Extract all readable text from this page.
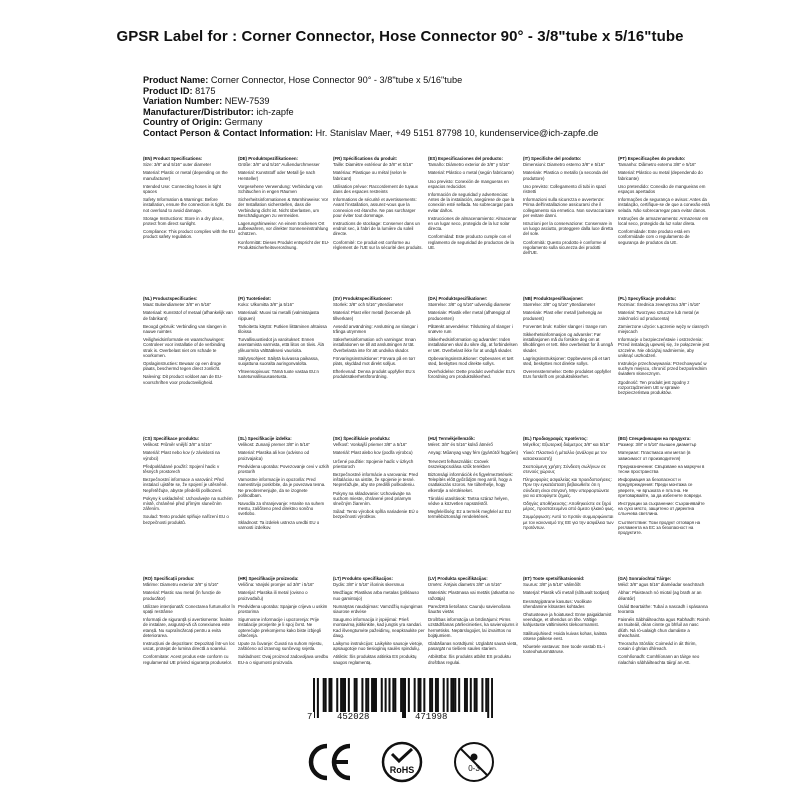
GPSR Label for : Corner Connector, Hose Connector 90° - 3/8"tube x 5/16"tube
Product Name: Corner Connector, Hose Connector 90° - 3/8"tube x 5/16"tube
Product ID: 8175
Variation Number: NEW-7539
Manufacturer/Distributor: ich-zapfe
Country of Origin: Germany
Contact Person & Contact Information: Hr. Stanislav Maer, +49 5151 87798 10, kundenservice@ich-zapfe.de
(EN) Product Specifications:

Size: 3/8" and 5/16" outer diameter

Material: Plastic or metal (depending on the manufacturer)

Intended Use: Connecting hoses in tight spaces

Safety Information & Warnings: Before installation, ensure the connection is tight. Do not overload to avoid damage.

Storage Instructions: Store in a dry place, protect from direct sunlight.

Compliance: This product complies with the EU product safety regulation.

(DE) Produktspezifikationen:

Größe: 3/8" und 5/16" Außendurchmesser

Material: Kunststoff oder Metall (je nach Hersteller)

Vorgesehene Verwendung: Verbindung von Schläuchen in engen Räumen

Sicherheitsinformationen & Warnhinweise: Vor der Installation sicherstellen, dass die Verbindung dicht ist. Nicht überlasten, um Beschädigungen zu vermeiden.

Lagerungshinweise: An einem trockenen Ort aufbewahren, vor direkter Sonneneinstrahlung schützen.

Konformität: Dieses Produkt entspricht der EU-Produktsicherheitsverordnung.

(FR) Spécifications du produit:

Taille: Diamètre extérieur de 3/8" et 5/16"

Matériau: Plastique ou métal (selon le fabricant)

Utilisation prévue: Raccordement de tuyaux dans des espaces restreints

Informations de sécurité et avertissements: Avant l'installation, assurez-vous que la connexion est étanche. Ne pas surcharger pour éviter tout dommage.

Instructions de stockage: Conserver dans un endroit sec, à l'abri de la lumière du soleil directe.

Conformité: Ce produit est conforme au règlement de l'UE sur la sécurité des produits.

(ES) Especificaciones del producto:

Tamaño: Diámetro exterior de 3/8" y 5/16"

Material: Plástico o metal (según fabricante)

Uso previsto: Conexión de mangueras en espacios reducidos

Información de seguridad y advertencias: Antes de la instalación, asegúrese de que la conexión esté sellada. No sobrecargar para evitar daños.

Instrucciones de almacenamiento: Almacenar en un lugar seco, protegido de la luz solar directa.

Conformidad: Este producto cumple con el reglamento de seguridad de productos de la UE.

(IT) Specifiche del prodotto:

Dimensioni: Diametro esterno 3/8" e 5/16"

Materiale: Plastica o metallo (a seconda del produttore)

Uso previsto: Collegamento di tubi in spazi ristretti

Informazioni sulla sicurezza e avvertenze: Prima dell'installazione assicurarsi che il collegamento sia ermetico. Non sovraccaricare per evitare danni.

Istruzioni per la conservazione: Conservare in un luogo asciutto, proteggere dalla luce diretta del sole.

Conformità: Questo prodotto è conforme al regolamento sulla sicurezza dei prodotti dell'UE.

(PT) Especificações do produto:

Tamanho: Diâmetro externo 3/8" e 5/16"

Material: Plástico ou metal (dependendo do fabricante)

Uso pretendido: Conexão de mangueiras em espaços apertados

Informações de segurança e avisos: Antes da instalação, certifique-se de que a conexão está selada. Não sobrecarregar para evitar danos.

Instruções de armazenamento: Armazenar em local seco, protegido da luz solar direta.

Conformidade: Este produto está em conformidade com o regulamento de segurança de produtos da UE.

(NL) Productspecificaties:

Maat: Buitendiameter 3/8" en 5/16"

Materiaal: Kunststof of metaal (afhankelijk van de fabrikant)

Beoogd gebruik: Verbinding van slangen in nauwe ruimtes

Veiligheidsinformatie en waarschuwingen: Controleer voor installatie of de verbinding strak is. Overbelast niet om schade te voorkomen.

Opslaginstructies: Bewaar op een droge plaats, beschermd tegen direct zonlicht.

Naleving: Dit product voldoet aan de EU-voorschriften voor productveiligheid.

(FI) Tuotetiedot:

Koko: Ulkomitta 3/8" ja 5/16"

Materiaali: Muovi tai metalli (valmistajasta riippuen)

Tarkoitettu käyttö: Putkien liittäminen ahtaissa tiloissa

Turvallisuustiedot ja varoitukset: Ennen asentamista varmista, että liitos on tiivis. Älä ylikuormita välttääksesi vaurioita.

Säilytysohjeet: Säilytä kuivassa paikassa, suojattuna suoralta auringonvalolta.

Yhteensopivuus: Tämä tuote vastaa EU:n tuoteturvallisuusasetusta.

(SV) Produktspecifikationer:

Storlek: 3/8" och 5/16" ytterdiameter

Material: Plast eller metall (beroende på tillverkare)

Avsedd användning: Anslutning av slangar i trånga utrymmen

Säkerhetsinformation och varningar: Innan installationen se till att anslutningen är tät. Överbelasta inte för att undvika skador.

Förvaringsinstruktioner: Förvara på en torr plats, skyddad mot direkt solljus.

Efterlevnad: Denna produkt uppfyller EU:s produktsäkerhetsförordning.

(DA) Produktspecifikationer:

Størrelse: 3/8" og 5/16" udvendig diameter

Materiale: Plastik eller metal (afhængigt af producenten)

Påtænkt anvendelse: Tilslutning af slanger i snævre rum

Sikkerhedsinformation og advarsler: Inden installationen skal du sikre dig, at forbindelsen er tæt. Overbelast ikke for at undgå skader.

Opbevaringsinstruktioner: Opbevares et tørt sted, beskyttes mod direkte sollys.

Overholdelse: Dette produkt overholder EU's forordning om produktsikkerhed.

(NB) Produktspesifikasjoner:

Størrelse: 3/8" og 5/16" ytterdiameter

Materiale: Plast eller metall (avhengig av produsent)

Forventet bruk: Kobler slanger i trange rom

Sikkerhetsinformasjon og advarsler: Før installasjonen må du forsikre deg om at tilkoblingen er tett. Ikke overbelast for å unngå skader.

Lagringsinstruksjoner: Oppbevares på et tørt sted, beskyttes mot direkte sollys.

Overensstemmelse: Dette produktet oppfyller EUs forskrift om produktsikkerhet.

(PL) Specyfikacje produktu:

Rozmiar: Średnica zewnętrzna 3/8" i 5/16"

Materiał: Tworzywo sztuczne lub metal (w zależności od producenta)

Zamierzone użycie: Łączenie węży w ciasnych miejscach

Informacje o bezpieczeństwie i ostrzeżenia: Przed instalacją upewnij się, że połączenie jest szczelne. Nie obciążaj nadmiernie, aby uniknąć uszkodzeń.

Instrukcje przechowywania: Przechowywać w suchym miejscu, chronić przed bezpośrednim światłem słonecznym.

Zgodność: Ten produkt jest zgodny z rozporządzeniem UE w sprawie bezpieczeństwa produktów.

(CS) Specifikace produktu:

Velikost: Průměr vnější 3/8" a 5/16"

Materiál: Plast nebo kov (v závislosti na výrobci)

Předpokládané použití: Spojení hadic v těsných prostorech

Bezpečnostní informace a varování: Před instalací ujistěte se, že spojení je utěsněné. Nepřetěžujte, abyste předešli poškození.

Pokyny k uskladnění: Uchovávejte na suchém místě, chráněné před přímým slunečním zářením.

Soulad: Tento produkt splňuje nařízení EU o bezpečnosti produktů.

(SL) Specifikacije izdelka:

Velikost: Zunanji premer 3/8" in 5/16"

Material: Plastika ali kov (odvisno od proizvajalca)

Predvidena uporaba: Povezovanje cevi v ozkih prostorih

Varnostne informacije in opozorila: Pred namestitvijo poskrbite, da je povezava tesna. Ne preobremenjujte, da se izognete poškodbam.

Navodila za shranjevanje: Hranite na suhem mestu, zaščiteno pred direktno sončno svetlobo.

Skladnost: Ta izdelek ustreza uredbi EU o varnosti izdelkov.

(SK) Špecifikácie produktu:

Veľkosť: Vonkajší priemer 3/8" a 5/16"

Materiál: Plast alebo kov (podľa výrobcu)

Určené použitie: Spojenie hadíc v úzkych priestoroch

Bezpečnostné informácie a varovania: Pred inštaláciou sa uistite, že spojenie je tesné. Nepreťažujte, aby ste predišli poškodeniu.

Pokyny na skladovanie: Uchovávajte na suchom mieste, chránené pred priamym slnečným žiarením.

Súlad: Tento výrobok spĺňa nariadenie EÚ o bezpečnosti výrobkov.

(HU) Termékjellemzők:

Méret: 3/8" és 5/16" külső átmérő

Anyag: Műanyag vagy fém (gyártótól függően)

Tervezett felhasználás: Csövek összekapcsolása szűk terekben

Biztonsági információk és figyelmeztetések: Telepítés előtt győződjön meg arról, hogy a csatlakozás szoros. Ne túlterhelje, hogy elkerülje a sérüléseket.

Tárolási utasítások: Tartsa száraz helyen, védve a közvetlen napsütéstől.

Megfelelőség: Ez a termék megfelel az EU termékbiztonsági rendeletének.

(EL) Προδιαγραφές προϊόντος:

Μέγεθος: Εξωτερική διάμετρος 3/8" και 5/16"

Υλικό: Πλαστικό ή μέταλλο (ανάλογα με τον κατασκευαστή)

Σκοπούμενη χρήση: Σύνδεση σωλήνων σε στενούς χώρους

Πληροφορίες ασφαλείας και προειδοποιήσεις: Πριν την εγκατάσταση βεβαιωθείτε ότι η σύνδεση είναι στεγανή. Μην υπερφορτώνετε για να αποφύγετε ζημιές.

Οδηγίες αποθήκευσης: Αποθηκεύστε σε ξηρό μέρος, προστατευμένο από άμεσο ηλιακό φως.

Συμμόρφωση: Αυτό το προϊόν συμμορφώνεται με τον κανονισμό της ΕΕ για την ασφάλεια των προϊόντων.

(BG) Спецификации на продукта:

Размер: 3/8" и 5/16" външен диаметър

Материал: Пластмаса или метал (в зависимост от производителя)

Предназначение: Свързване на маркучи в тесни пространства

Информация за безопасност и предупреждения: Преди монтажа се уверете, че връзката е плътна. Не претоварвайте, за да избегнете повреди.

Инструкции за съхранение: Съхранявайте на сухо място, защитено от директна слънчева светлина.

Съответствие: Този продукт отговаря на регламента на ЕС за безопасност на продуктите.

(RO) Specificații produs:

Mărime: Diametru exterior 3/8" și 5/16"

Material: Plastic sau metal (în funcție de producător)

Utilizare intenționată: Conectarea furtunurilor în spații restrânse

Informații de siguranță și avertismente: Înainte de instalare, asigurați-vă că conexiunea este etanșă. Nu supraîncărcați pentru a evita deteriorarea.

Instrucțiuni de depozitare: Depozitați într-un loc uscat, protejat de lumina directă a soarelui.

Conformitate: Acest produs este conform cu regulamentul UE privind siguranța produselor.

(HR) Specifikacije proizvoda:

Veličina: Vanjski promjer od 3/8" i 5/16"

Materijal: Plastika ili metal (ovisno o proizvođaču)

Predviđena uporaba: Spajanje crijeva u uskim prostorima

Sigurnosne informacije i upozorenja: Prije instalacije provjerite je li spoj čvrst. Ne opterećujte prekomjerno kako biste izbjegli oštećenja.

Upute za čuvanje: Čuvati na suhom mjestu, zaštićeno od izravnog sunčevog svjetla.

Sukladnost: Ovaj proizvod zadovoljava uredbu EU-a o sigurnosti proizvoda.

(LT) Produkto specifikacijos:

Dydis: 3/8" ir 5/16" išorinis skersmuo

Medžiaga: Plastikas arba metalas (priklauso nuo gamintojo)

Numatytas naudojimas: Vamzdžių sujungimas siaurose erdvėse

Saugumo informacija ir įspėjimai: Prieš montavimą įsitikinkite, kad jungtis yra sandari. Kad išvengtumėte pažeidimų, neapkraukite per daug.

Laikymo instrukcijos: Laikykite sausoje vietoje, apsaugotoje nuo tiesioginių saulės spindulių.

Atitiktis: Šis produktas atitinka ES produktų saugos reglamentą.

(LV) Produkta specifikācijas:

Izmērs: Ārējais diametrs 3/8" un 5/16"

Materiāls: Plastmasa vai metāls (atkarībā no ražotāja)

Paredzētā lietošana: Cauruļu savienošana šaurās vietās

Drošības informācija un brīdinājumi: Pirms uzstādīšanas pārliecinieties, ka savienojums ir hermētisks. Nepārslogojiet, lai izvairītos no bojājumiem.

Glabāšanas norādījumi: Uzglabāt sausā vietā, pasargāt no tiešiem saules stariem.

Atbilstība: Šis produkts atbilst ES produktu drošības regulai.

(ET) Toote spetsifikatsioonid:

Suurus: 3/8" ja 5/16" välimõõt

Materjal: Plastik või metall (sõltuvalt tootjast)

Eesmärgipärane kasutus: Voolikute ühendamine kitsastes kohtades

Ohutusteave ja hoiatused: Enne paigaldamist veenduge, et ühendus on tihe. Vältige kahjustuste vältimiseks ülekoormamist.

Säilitusjuhised: Hoida kuivas kohas, kaitsta otsese päikese eest.

Nõuetele vastavus: See toode vastab EL-i tooteohutusmääruse.

(GA) Sonraíochtaí Táirge:

Méid: 3/8" agus 5/16" diaméadar seachtrach

Ábhar: Plaisteach nó miotal (ag brath ar an déantóir)

Úsáid Beartaithe: Tubaí a nascadh i spásanna teoranta

Faisnéis Sábháilteachta agus Rabhadh: Roimh an tsuiteáil, déan cinnte go bhfuil an nasc dlúth. Ná ró-ualaigh chun damáiste a sheachaint.

Treoracha Stórála: Coimeád in áit thirim, cosain ó ghrian dhíreach.

Comhlíonadh: Comhlíonann an táirge seo rialachán sábháilteachta táirgí an AE.

7	452028	471998
RoHS	0-3
